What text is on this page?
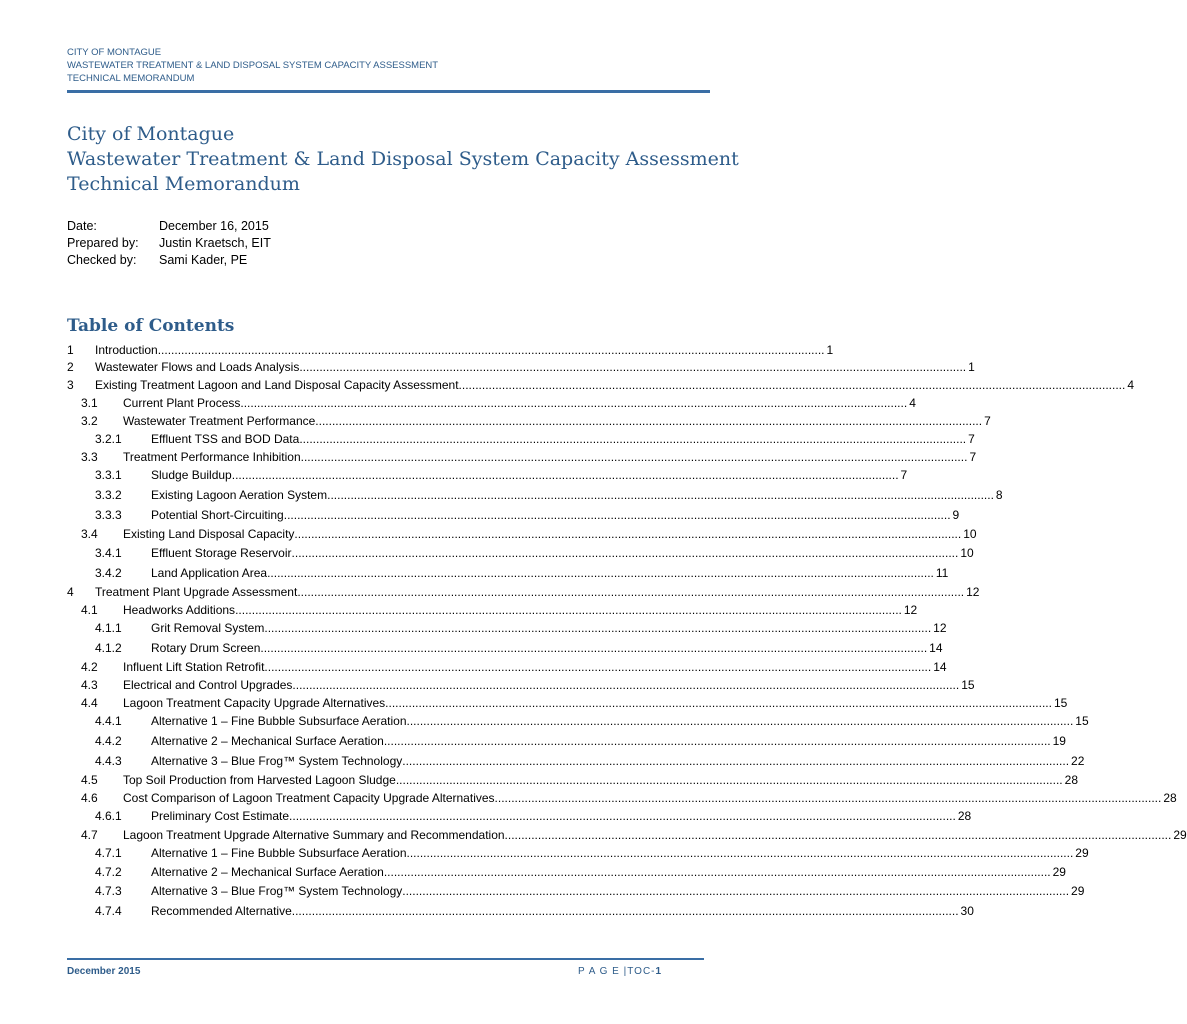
CITY OF MONTAGUE
WASTEWATER TREATMENT & LAND DISPOSAL SYSTEM CAPACITY ASSESSMENT
TECHNICAL MEMORANDUM
City of Montague
Wastewater Treatment & Land Disposal System Capacity Assessment
Technical Memorandum
Date:	December 16, 2015
Prepared by:	Justin Kraetsch, EIT
Checked by:	Sami Kader, PE
Table of Contents
1 Introduction ........................................................................................................................................................................................................ 1
2 Wastewater Flows and Loads Analysis ........................................................................................................................................................................................................ 1
3 Existing Treatment Lagoon and Land Disposal Capacity Assessment ........................................................................................................................................................................................................ 4
3.1 Current Plant Process ........................................................................................................................................................................................................ 4
3.2 Wastewater Treatment Performance ........................................................................................................................................................................................................ 7
3.2.1 Effluent TSS and BOD Data ........................................................................................................................................................................................................ 7
3.3 Treatment Performance Inhibition ........................................................................................................................................................................................................ 7
3.3.1 Sludge Buildup ........................................................................................................................................................................................................ 7
3.3.2 Existing Lagoon Aeration System ........................................................................................................................................................................................................ 8
3.3.3 Potential Short-Circuiting ........................................................................................................................................................................................................ 9
3.4 Existing Land Disposal Capacity ........................................................................................................................................................................................................ 10
3.4.1 Effluent Storage Reservoir ........................................................................................................................................................................................................ 10
3.4.2 Land Application Area ........................................................................................................................................................................................................ 11
4 Treatment Plant Upgrade Assessment ........................................................................................................................................................................................................ 12
4.1 Headworks Additions ........................................................................................................................................................................................................ 12
4.1.1 Grit Removal System ........................................................................................................................................................................................................ 12
4.1.2 Rotary Drum Screen ........................................................................................................................................................................................................ 14
4.2 Influent Lift Station Retrofit ........................................................................................................................................................................................................ 14
4.3 Electrical and Control Upgrades ........................................................................................................................................................................................................ 15
4.4 Lagoon Treatment Capacity Upgrade Alternatives ........................................................................................................................................................................................................ 15
4.4.1 Alternative 1 – Fine Bubble Subsurface Aeration ........................................................................................................................................................................................................ 15
4.4.2 Alternative 2 – Mechanical Surface Aeration ........................................................................................................................................................................................................ 19
4.4.3 Alternative 3 – Blue Frog™ System Technology ........................................................................................................................................................................................................ 22
4.5 Top Soil Production from Harvested Lagoon Sludge ........................................................................................................................................................................................................ 28
4.6 Cost Comparison of Lagoon Treatment Capacity Upgrade Alternatives ........................................................................................................................................................................................................ 28
4.6.1 Preliminary Cost Estimate ........................................................................................................................................................................................................ 28
4.7 Lagoon Treatment Upgrade Alternative Summary and Recommendation ........................................................................................................................................................................................................ 29
4.7.1 Alternative 1 – Fine Bubble Subsurface Aeration ........................................................................................................................................................................................................ 29
4.7.2 Alternative 2 – Mechanical Surface Aeration ........................................................................................................................................................................................................ 29
4.7.3 Alternative 3 – Blue Frog™ System Technology ........................................................................................................................................................................................................ 29
4.7.4 Recommended Alternative ........................................................................................................................................................................................................ 30
December 2015	P A G E |TOC-1
